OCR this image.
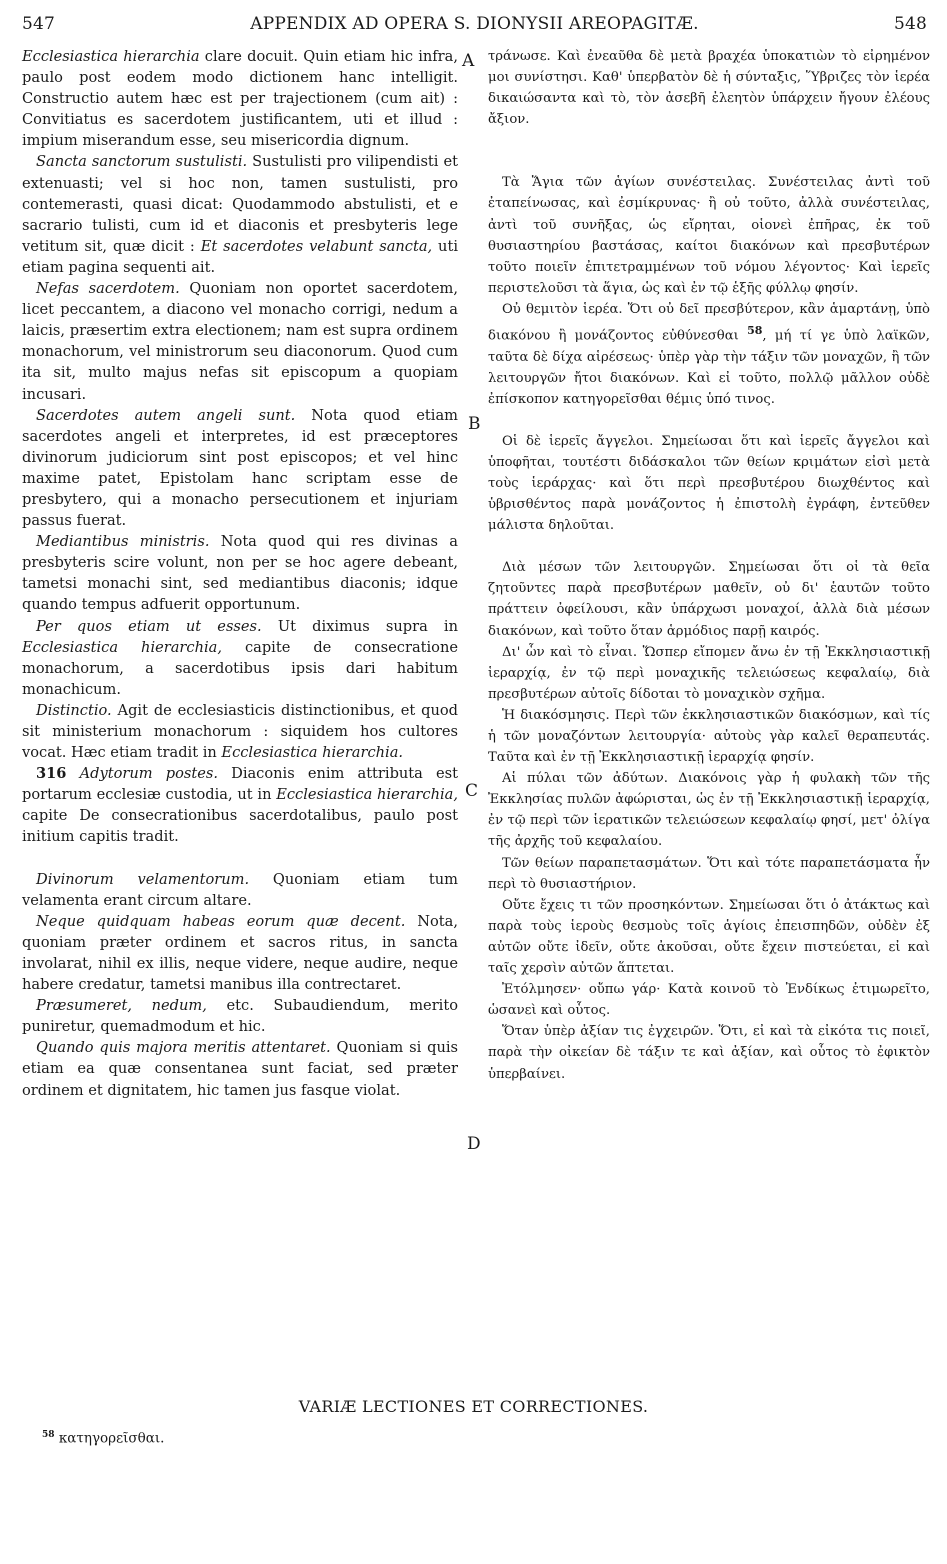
547	APPENDIX AD OPERA S. DIONYSII AREOPAGITÆ.	548
A
B
C
D

Ecclesiastica hierarchia clare docuit. Quin etiam hic infra, paulo post eodem modo dictionem hanc intelligit. Constructio autem hæc est per trajectionem (cum ait) : Convitiatus es sacerdotem justificantem, uti et illud : impium miserandum esse, seu misericordia dignum.

Sancta sanctorum sustulisti. Sustulisti pro vilipendisti et extenuasti; vel si hoc non, tamen sustulisti, pro contemerasti, quasi dicat: Quodammodo abstulisti, et e sacrario tulisti, cum id et diaconis et presbyteris lege vetitum sit, quæ dicit : Et sacerdotes velabunt sancta, uti etiam pagina sequenti ait.

Nefas sacerdotem. Quoniam non oportet sacerdotem, licet peccantem, a diacono vel monacho corrigi, nedum a laicis, præsertim extra electionem; nam est supra ordinem monachorum, vel ministrorum seu diaconorum. Quod cum ita sit, multo majus nefas sit episcopum a quopiam incusari.

Sacerdotes autem angeli sunt. Nota quod etiam sacerdotes angeli et interpretes, id est præceptores divinorum judiciorum sint post episcopos; et vel hinc maxime patet, Epistolam hanc scriptam esse de presbytero, qui a monacho persecutionem et injuriam passus fuerat.

Mediantibus ministris. Nota quod qui res divinas a presbyteris scire volunt, non per se hoc agere debeant, tametsi monachi sint, sed mediantibus diaconis; idque quando tempus adfuerit opportunum.

Per quos etiam ut esses. Ut diximus supra in Ecclesiastica hierarchia, capite de consecratione monachorum, a sacerdotibus ipsis dari habitum monachicum.

Distinctio. Agit de ecclesiasticis distinctionibus, et quod sit ministerium monachorum : siquidem hos cultores vocat. Hæc etiam tradit in Ecclesiastica hierarchia.

316 Adytorum postes. Diaconis enim attributa est portarum ecclesiæ custodia, ut in Ecclesiastica hierarchia, capite De consecrationibus sacerdotalibus, paulo post initium capitis tradit.

Divinorum velamentorum. Quoniam etiam tum velamenta erant circum altare.

Neque quidquam habeas eorum quæ decent. Nota, quoniam præter ordinem et sacros ritus, in sancta involarat, nihil ex illis, neque videre, neque audire, neque habere credatur, tametsi manibus illa contrectaret.

Præsumeret, nedum, etc. Subaudiendum, merito puniretur, quemadmodum et hic.

Quando quis majora meritis attentaret. Quoniam si quis etiam ea quæ consentanea sunt faciat, sed præter ordinem et dignitatem, hic tamen jus fasque violat.

τράνωσε. Καὶ ἐνεαῦθα δὲ μετὰ βραχέα ὑποκατιὼν τὸ εἰρημένον μοι συνίστησι. Καθ' ὑπερβατὸν δὲ ἡ σύνταξις, Ὕβριζες τὸν ἱερέα δικαιώσαντα καὶ τὸ, τὸν ἀσεβῆ ἐλεητὸν ὑπάρχειν ἤγουν ἐλέους ἄξιον.

Τὰ Ἅγια τῶν ἁγίων συνέστειλας. Συνέστειλας ἀντὶ τοῦ ἐταπείνωσας, καὶ ἐσμίκρυνας· ἢ οὐ τοῦτο, ἀλλὰ συνέστειλας, ἀντὶ τοῦ συνῆξας, ὡς εἴρηται, οἱονεὶ ἐπῆρας, ἐκ τοῦ θυσιαστηρίου βαστάσας, καίτοι διακόνων καὶ πρεσβυτέρων τοῦτο ποιεῖν ἐπιτετραμμένων τοῦ νόμου λέγοντος· Καὶ ἱερεῖς περιστελοῦσι τὰ ἅγια, ὡς καὶ ἐν τῷ ἑξῆς φύλλῳ φησίν.

Οὐ θεμιτὸν ἱερέα. Ὅτι οὐ δεῖ πρεσβύτερον, κἂν ἁμαρτάνῃ, ὑπὸ διακόνου ἢ μονάζοντος εὐθύνεσθαι $^{58}$, μή τί γε ὑπὸ λαϊκῶν, ταῦτα δὲ δίχα αἱρέσεως· ὑπὲρ γὰρ τὴν τάξιν τῶν μοναχῶν, ἢ τῶν λειτουργῶν ἤτοι διακόνων. Καὶ εἰ τοῦτο, πολλῷ μᾶλλον οὐδὲ ἐπίσκοπον κατηγορεῖσθαι θέμις ὑπό τινος.

Οἱ δὲ ἱερεῖς ἄγγελοι. Σημείωσαι ὅτι καὶ ἱερεῖς ἄγγελοι καὶ ὑποφῆται, τουτέστι διδάσκαλοι τῶν θείων κριμάτων εἰσὶ μετὰ τοὺς ἱεράρχας· καὶ ὅτι περὶ πρεσβυτέρου διωχθέντος καὶ ὑβρισθέντος παρὰ μονάζοντος ἡ ἐπιστολὴ ἐγράφη, ἐντεῦθεν μάλιστα δηλοῦται.

Διὰ μέσων τῶν λειτουργῶν. Σημείωσαι ὅτι οἱ τὰ θεῖα ζητοῦντες παρὰ πρεσβυτέρων μαθεῖν, οὐ δι' ἑαυτῶν τοῦτο πράττειν ὀφείλουσι, κἂν ὑπάρχωσι μοναχοί, ἀλλὰ διὰ μέσων διακόνων, καὶ τοῦτο ὅταν ἁρμόδιος παρῇ καιρός.

Δι' ὧν καὶ τὸ εἶναι. Ὥσπερ εἴπομεν ἄνω ἐν τῇ Ἐκκλησιαστικῇ ἱεραρχίᾳ, ἐν τῷ περὶ μοναχικῆς τελειώσεως κεφαλαίῳ, διὰ πρεσβυτέρων αὐτοῖς δίδοται τὸ μοναχικὸν σχῆμα.

Ἡ διακόσμησις. Περὶ τῶν ἐκκλησιαστικῶν διακόσμων, καὶ τίς ἡ τῶν μοναζόντων λειτουργία· αὐτοὺς γὰρ καλεῖ θεραπευτάς. Ταῦτα καὶ ἐν τῇ Ἐκκλησιαστικῇ ἱεραρχίᾳ φησίν.

Αἱ πύλαι τῶν ἀδύτων. Διακόνοις γὰρ ἡ φυλακὴ τῶν τῆς Ἐκκλησίας πυλῶν ἀφώρισται, ὡς ἐν τῇ Ἐκκλησιαστικῇ ἱεραρχίᾳ, ἐν τῷ περὶ τῶν ἱερατικῶν τελειώσεων κεφαλαίῳ φησί, μετ' ὀλίγα τῆς ἀρχῆς τοῦ κεφαλαίου.

Τῶν θείων παραπετασμάτων. Ὅτι καὶ τότε παραπετάσματα ἦν περὶ τὸ θυσιαστήριον.

Οὔτε ἔχεις τι τῶν προσηκόντων. Σημείωσαι ὅτι ὁ ἀτάκτως καὶ παρὰ τοὺς ἱεροὺς θεσμοὺς τοῖς ἁγίοις ἐπεισπηδῶν, οὐδὲν ἐξ αὐτῶν οὔτε ἰδεῖν, οὔτε ἀκοῦσαι, οὔτε ἔχειν πιστεύεται, εἰ καὶ ταῖς χερσὶν αὐτῶν ἅπτεται.

Ἐτόλμησεν· οὔπω γάρ· Κατὰ κοινοῦ τὸ Ἐνδίκως ἐτιμωρεῖτο, ὡσανεὶ καὶ οὗτος.

Ὅταν ὑπὲρ ἀξίαν τις ἐγχειρῶν. Ὅτι, εἰ καὶ τὰ εἰκότα τις ποιεῖ, παρὰ τὴν οἰκείαν δὲ τάξιν τε καὶ ἀξίαν, καὶ οὗτος τὸ ἐφικτὸν ὑπερβαίνει.

VARIÆ LECTIONES ET CORRECTIONES.
$^{58}$ κατηγορεῖσθαι.
